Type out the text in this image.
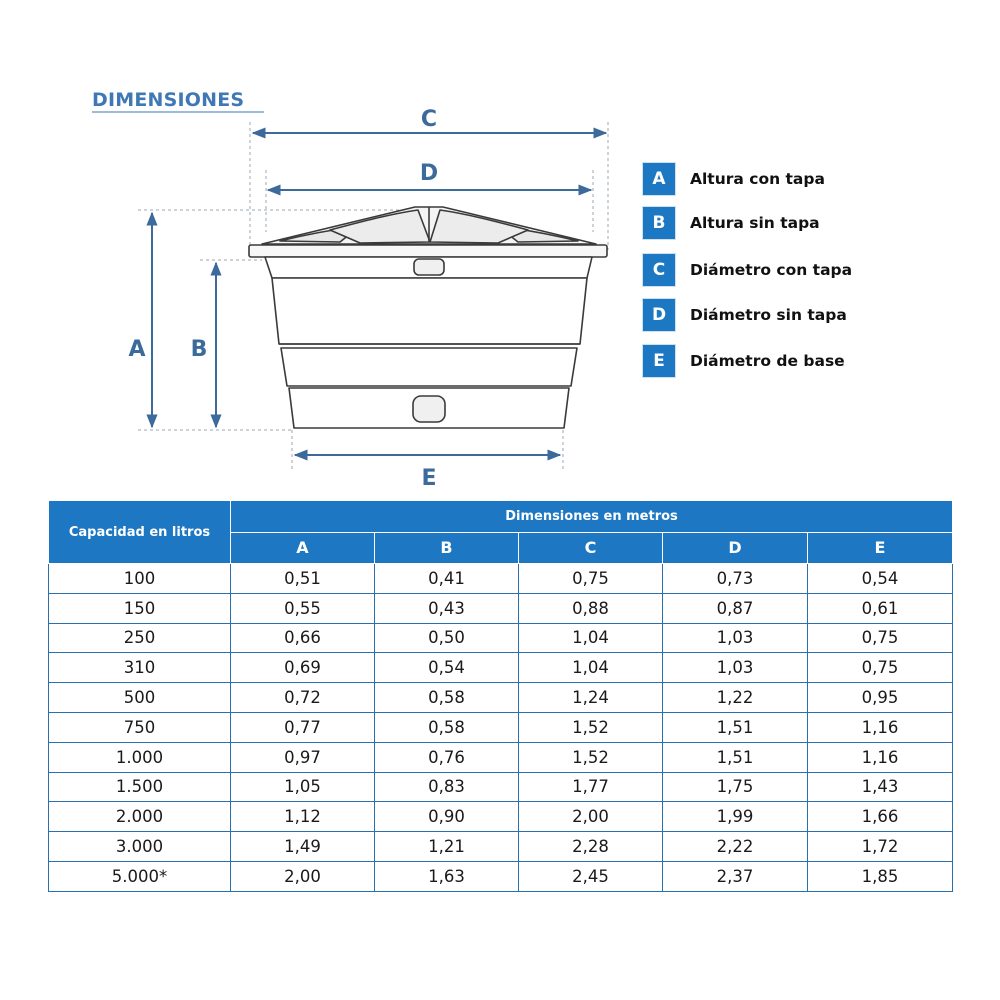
DIMENSIONES
C
D
A B
E
A	Altura con tapa
B	Altura sin tapa
C	Diámetro con tapa
D	Diámetro sin tapa
E	Diámetro de base
Capacidad en litros	Dimensiones en metros				
	A	B	C	D	E
100	0,51	0,41	0,75	0,73	0,54
150	0,55	0,43	0,88	0,87	0,61
250	0,66	0,50	1,04	1,03	0,75
310	0,69	0,54	1,04	1,03	0,75
500	0,72	0,58	1,24	1,22	0,95
750	0,77	0,58	1,52	1,51	1,16
1.000	0,97	0,76	1,52	1,51	1,16
1.500	1,05	0,83	1,77	1,75	1,43
2.000	1,12	0,90	2,00	1,99	1,66
3.000	1,49	1,21	2,28	2,22	1,72
5.000*	2,00	1,63	2,45	2,37	1,85
